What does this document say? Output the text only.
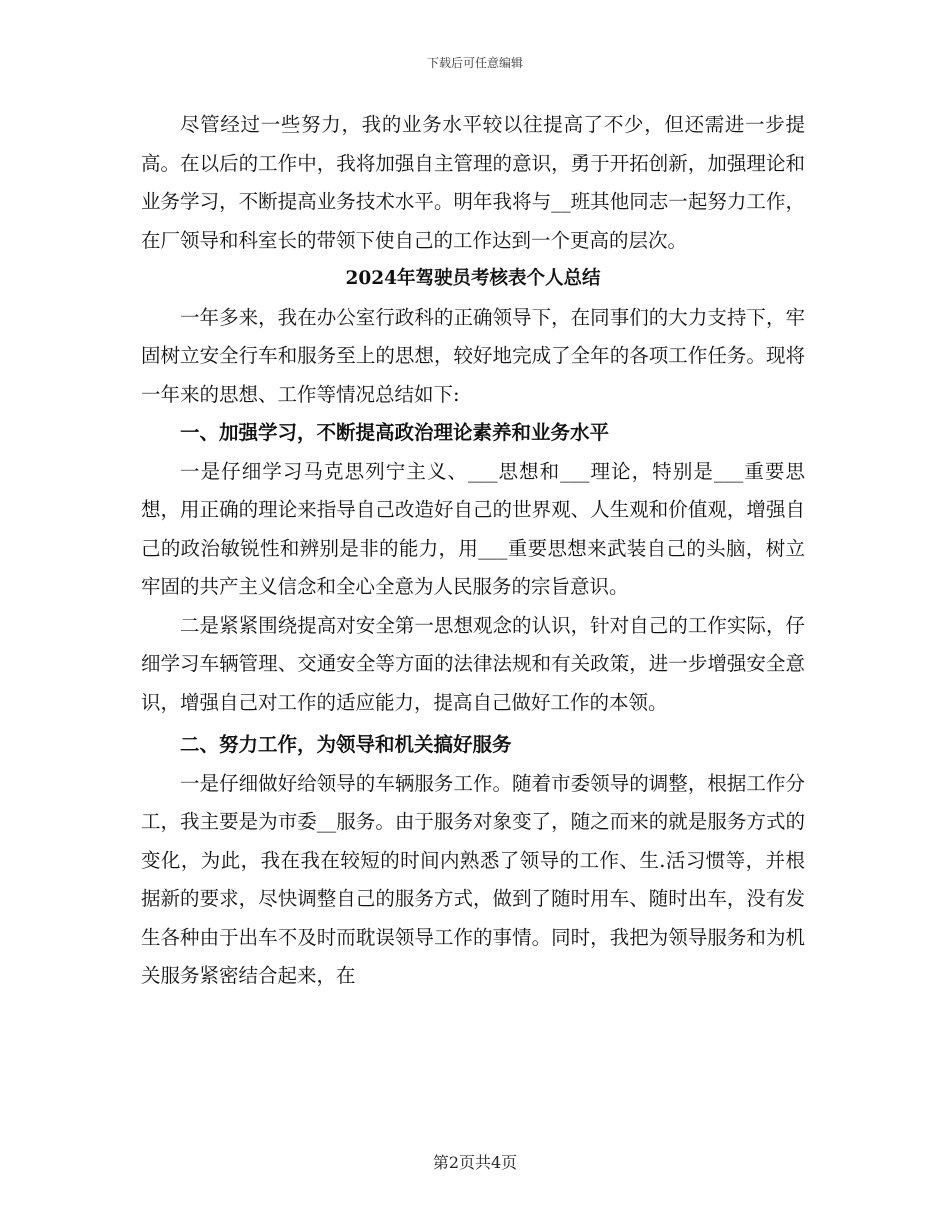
下载后可任意编辑

尽管经过一些努力，我的业务水平较以往提高了不少，但还需进一步提高。在以后的工作中，我将加强自主管理的意识，勇于开拓创新，加强理论和业务学习，不断提高业务技术水平。明年我将与__班其他同志一起努力工作，在厂领导和科室长的带领下使自己的工作达到一个更高的层次。

2024年驾驶员考核表个人总结

一年多来，我在办公室行政科的正确领导下，在同事们的大力支持下，牢固树立安全行车和服务至上的思想，较好地完成了全年的各项工作任务。现将一年来的思想、工作等情况总结如下:

一、加强学习，不断提高政治理论素养和业务水平

一是仔细学习马克思列宁主义、___思想和___理论，特别是___重要思想，用正确的理论来指导自己改造好自己的世界观、人生观和价值观，增强自己的政治敏锐性和辨别是非的能力，用___重要思想来武装自己的头脑，树立牢固的共产主义信念和全心全意为人民服务的宗旨意识。

二是紧紧围绕提高对安全第一思想观念的认识，针对自己的工作实际，仔细学习车辆管理、交通安全等方面的法律法规和有关政策，进一步增强安全意识，增强自己对工作的适应能力，提高自己做好工作的本领。

二、努力工作，为领导和机关搞好服务

一是仔细做好给领导的车辆服务工作。随着市委领导的调整，根据工作分工，我主要是为市委__服务。由于服务对象变了，随之而来的就是服务方式的变化，为此，我在我在较短的时间内熟悉了领导的工作、生.活习惯等，并根据新的要求，尽快调整自己的服务方式，做到了随时用车、随时出车，没有发生各种由于出车不及时而耽误领导工作的事情。同时，我把为领导服务和为机关服务紧密结合起来，在

第2页共4页
